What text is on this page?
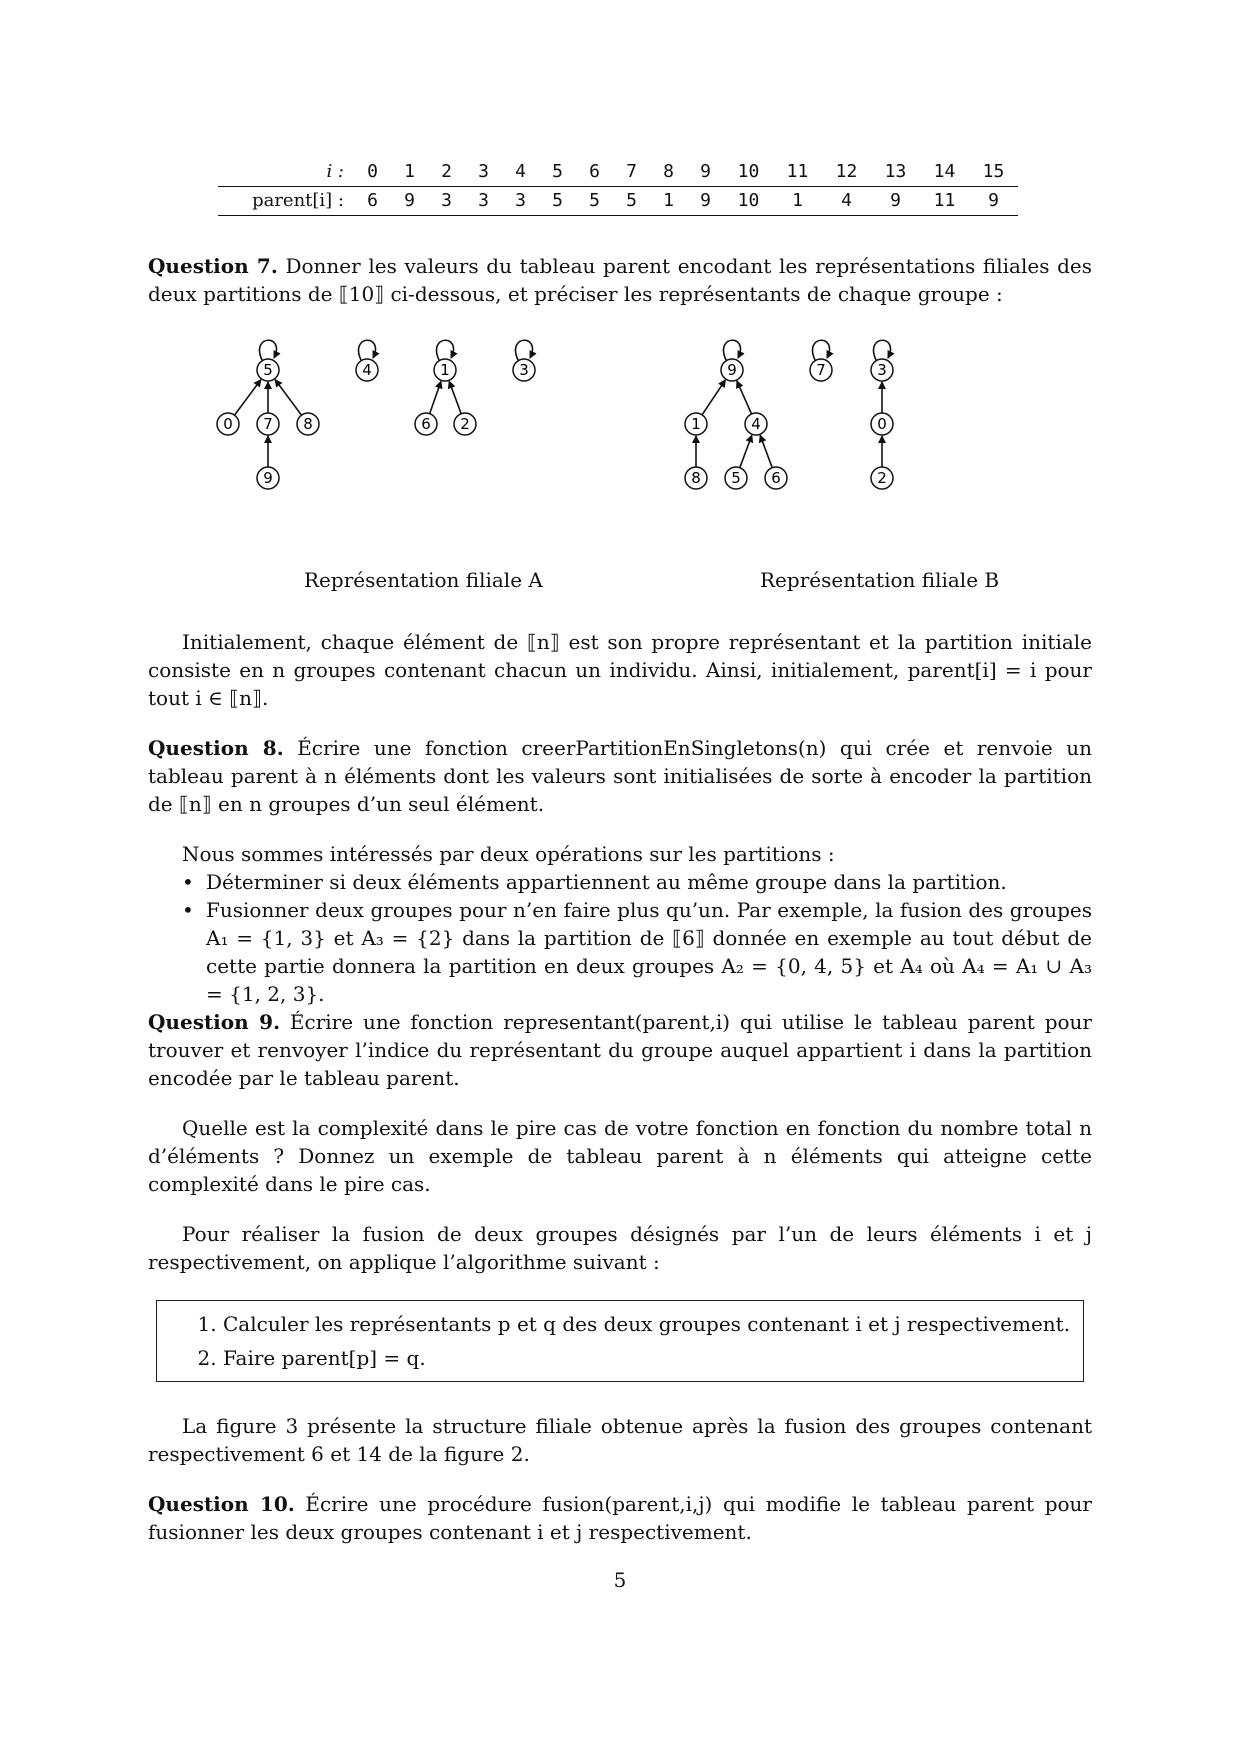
i :	0	1	2	3	4	5	6	7	8	9	10	11	12	13	14	15
parent[i] :	6	9	3	3	3	5	5	5	1	9	10	1	4	9	11	9

Question 7. Donner les valeurs du tableau parent encodant les représentations filiales des deux partitions de ⟦10⟧ ci-dessous, et préciser les représentants de chaque groupe :

5	4	1	3
0 7 8	6 2
9
9	7	3
1	4	0
8 5 6	2
Représentation filiale A	Représentation filiale B

Initialement, chaque élément de ⟦n⟧ est son propre représentant et la partition initiale consiste en n groupes contenant chacun un individu. Ainsi, initialement, parent[i] = i pour tout i ∈ ⟦n⟧.

Question 8. Écrire une fonction creerPartitionEnSingletons(n) qui crée et renvoie un tableau parent à n éléments dont les valeurs sont initialisées de sorte à encoder la partition de ⟦n⟧ en n groupes d’un seul élément.

Nous sommes intéressés par deux opérations sur les partitions :

• Déterminer si deux éléments appartiennent au même groupe dans la partition.
• Fusionner deux groupes pour n’en faire plus qu’un. Par exemple, la fusion des groupes A₁ = {1, 3} et A₃ = {2} dans la partition de ⟦6⟧ donnée en exemple au tout début de cette partie donnera la partition en deux groupes A₂ = {0, 4, 5} et A₄ où A₄ = A₁ ∪ A₃ = {1, 2, 3}.

Question 9. Écrire une fonction representant(parent,i) qui utilise le tableau parent pour trouver et renvoyer l’indice du représentant du groupe auquel appartient i dans la partition encodée par le tableau parent.

Quelle est la complexité dans le pire cas de votre fonction en fonction du nombre total n d’éléments ? Donnez un exemple de tableau parent à n éléments qui atteigne cette complexité dans le pire cas.

Pour réaliser la fusion de deux groupes désignés par l’un de leurs éléments i et j respectivement, on applique l’algorithme suivant :

1. Calculer les représentants p et q des deux groupes contenant i et j respectivement.
2. Faire parent[p] = q.

La figure 3 présente la structure filiale obtenue après la fusion des groupes contenant respectivement 6 et 14 de la figure 2.

Question 10. Écrire une procédure fusion(parent,i,j) qui modifie le tableau parent pour fusionner les deux groupes contenant i et j respectivement.

5
